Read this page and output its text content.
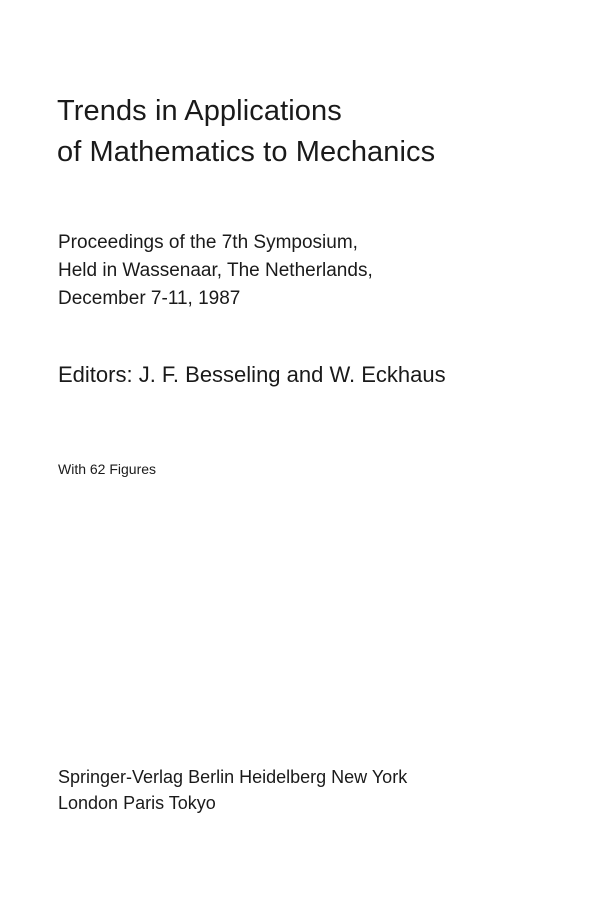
Trends in Applications
of Mathematics to Mechanics
Proceedings of the 7th Symposium,
Held in Wassenaar, The Netherlands,
December 7-11, 1987
Editors: J. F. Besseling and W. Eckhaus
With 62 Figures
Springer-Verlag Berlin Heidelberg New York
London Paris Tokyo
